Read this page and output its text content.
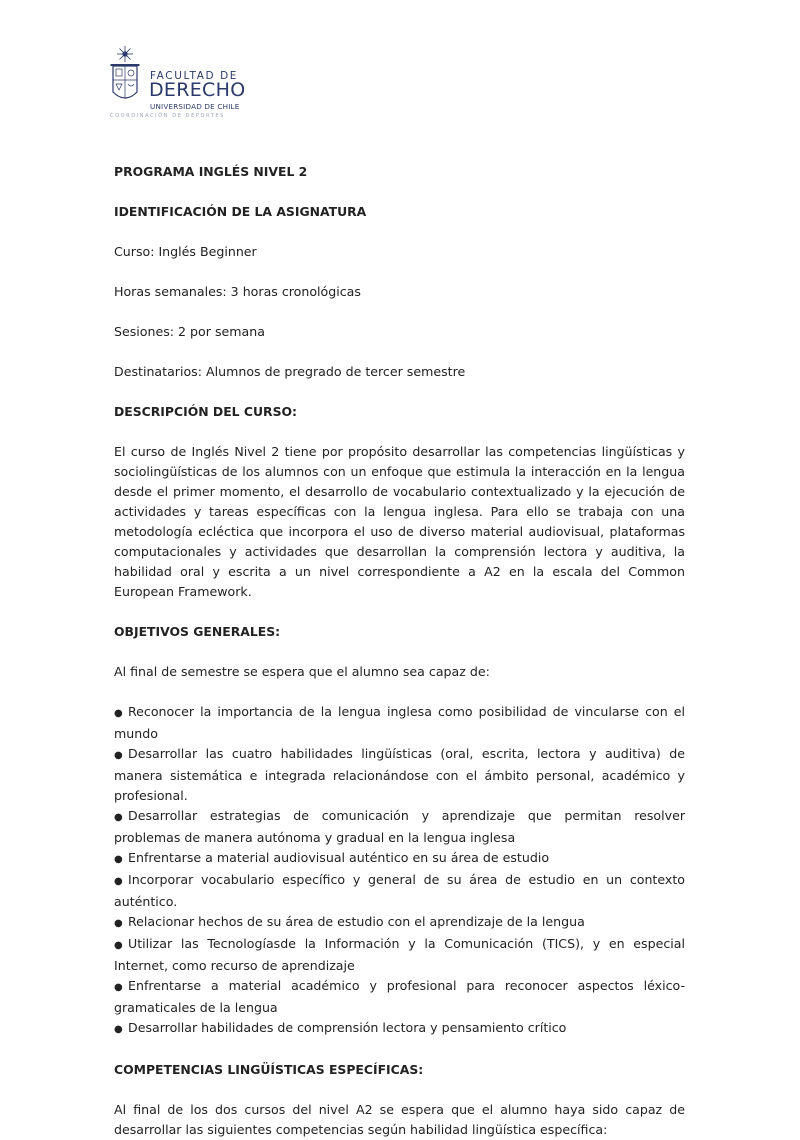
FACULTAD DE
DERECHO
UNIVERSIDAD DE CHILE
COORDINACIÓN DE DEPORTES

PROGRAMA INGLÉS NIVEL 2

IDENTIFICACIÓN DE LA ASIGNATURA

Curso: Inglés Beginner

Horas semanales: 3 horas cronológicas

Sesiones: 2 por semana

Destinatarios: Alumnos de pregrado de tercer semestre

DESCRIPCIÓN DEL CURSO:

El curso de Inglés Nivel 2 tiene por propósito desarrollar las competencias lingüísticas y sociolingüísticas de los alumnos con un enfoque que estimula la interacción en la lengua desde el primer momento, el desarrollo de vocabulario contextualizado y la ejecución de actividades y tareas específicas con la lengua inglesa. Para ello se trabaja con una metodología ecléctica que incorpora el uso de diverso material audiovisual, plataformas computacionales y actividades que desarrollan la comprensión lectora y auditiva, la habilidad oral y escrita a un nivel correspondiente a A2 en la escala del Common European Framework.

OBJETIVOS GENERALES:

Al final de semestre se espera que el alumno sea capaz de:

● Reconocer la importancia de la lengua inglesa como posibilidad de vincularse con el mundo
● Desarrollar las cuatro habilidades lingüísticas (oral, escrita, lectora y auditiva) de manera sistemática e integrada relacionándose con el ámbito personal, académico y profesional.
● Desarrollar estrategias de comunicación y aprendizaje que permitan resolver problemas de manera autónoma y gradual en la lengua inglesa
● Enfrentarse a material audiovisual auténtico en su área de estudio
● Incorporar vocabulario específico y general de su área de estudio en un contexto auténtico.
● Relacionar hechos de su área de estudio con el aprendizaje de la lengua
● Utilizar las Tecnologíasde la Información y la Comunicación (TICS), y en especial Internet, como recurso de aprendizaje
● Enfrentarse a material académico y profesional para reconocer aspectos léxico-gramaticales de la lengua
● Desarrollar habilidades de comprensión lectora y pensamiento crítico

COMPETENCIAS LINGÜÍSTICAS ESPECÍFICAS:

Al final de los dos cursos del nivel A2 se espera que el alumno haya sido capaz de desarrollar las siguientes competencias según habilidad lingüística específica:
